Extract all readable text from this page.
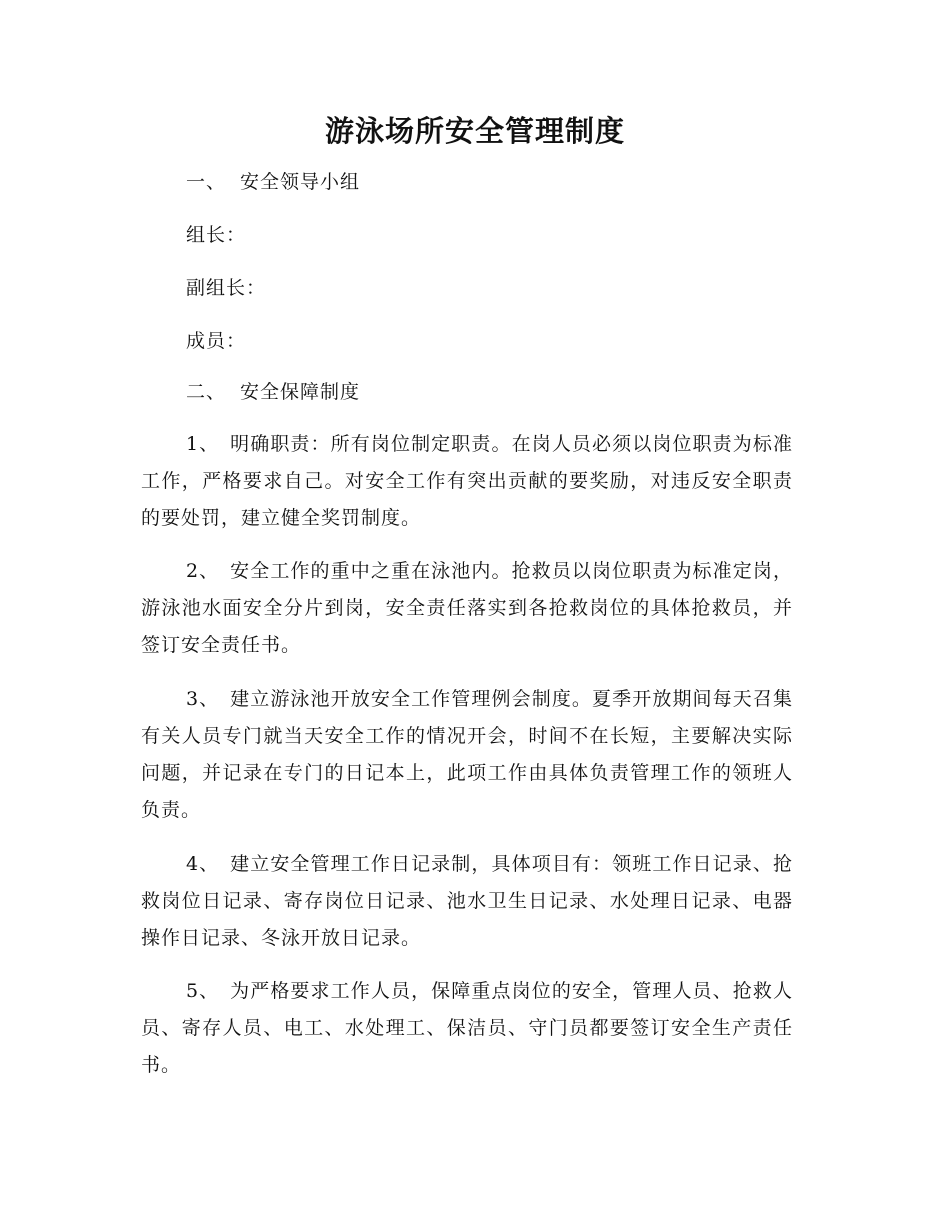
游泳场所安全管理制度
一、 安全领导小组
组长：
副组长：
成员：
二、 安全保障制度
1、 明确职责：所有岗位制定职责。在岗人员必须以岗位职责为标准工作，严格要求自己。对安全工作有突出贡献的要奖励，对违反安全职责的要处罚，建立健全奖罚制度。
2、 安全工作的重中之重在泳池内。抢救员以岗位职责为标准定岗，游泳池水面安全分片到岗，安全责任落实到各抢救岗位的具体抢救员，并签订安全责任书。
3、 建立游泳池开放安全工作管理例会制度。夏季开放期间每天召集有关人员专门就当天安全工作的情况开会，时间不在长短，主要解决实际问题，并记录在专门的日记本上，此项工作由具体负责管理工作的领班人负责。
4、 建立安全管理工作日记录制，具体项目有：领班工作日记录、抢救岗位日记录、寄存岗位日记录、池水卫生日记录、水处理日记录、电器操作日记录、冬泳开放日记录。
5、 为严格要求工作人员，保障重点岗位的安全，管理人员、抢救人员、寄存人员、电工、水处理工、保洁员、守门员都要签订安全生产责任书。
